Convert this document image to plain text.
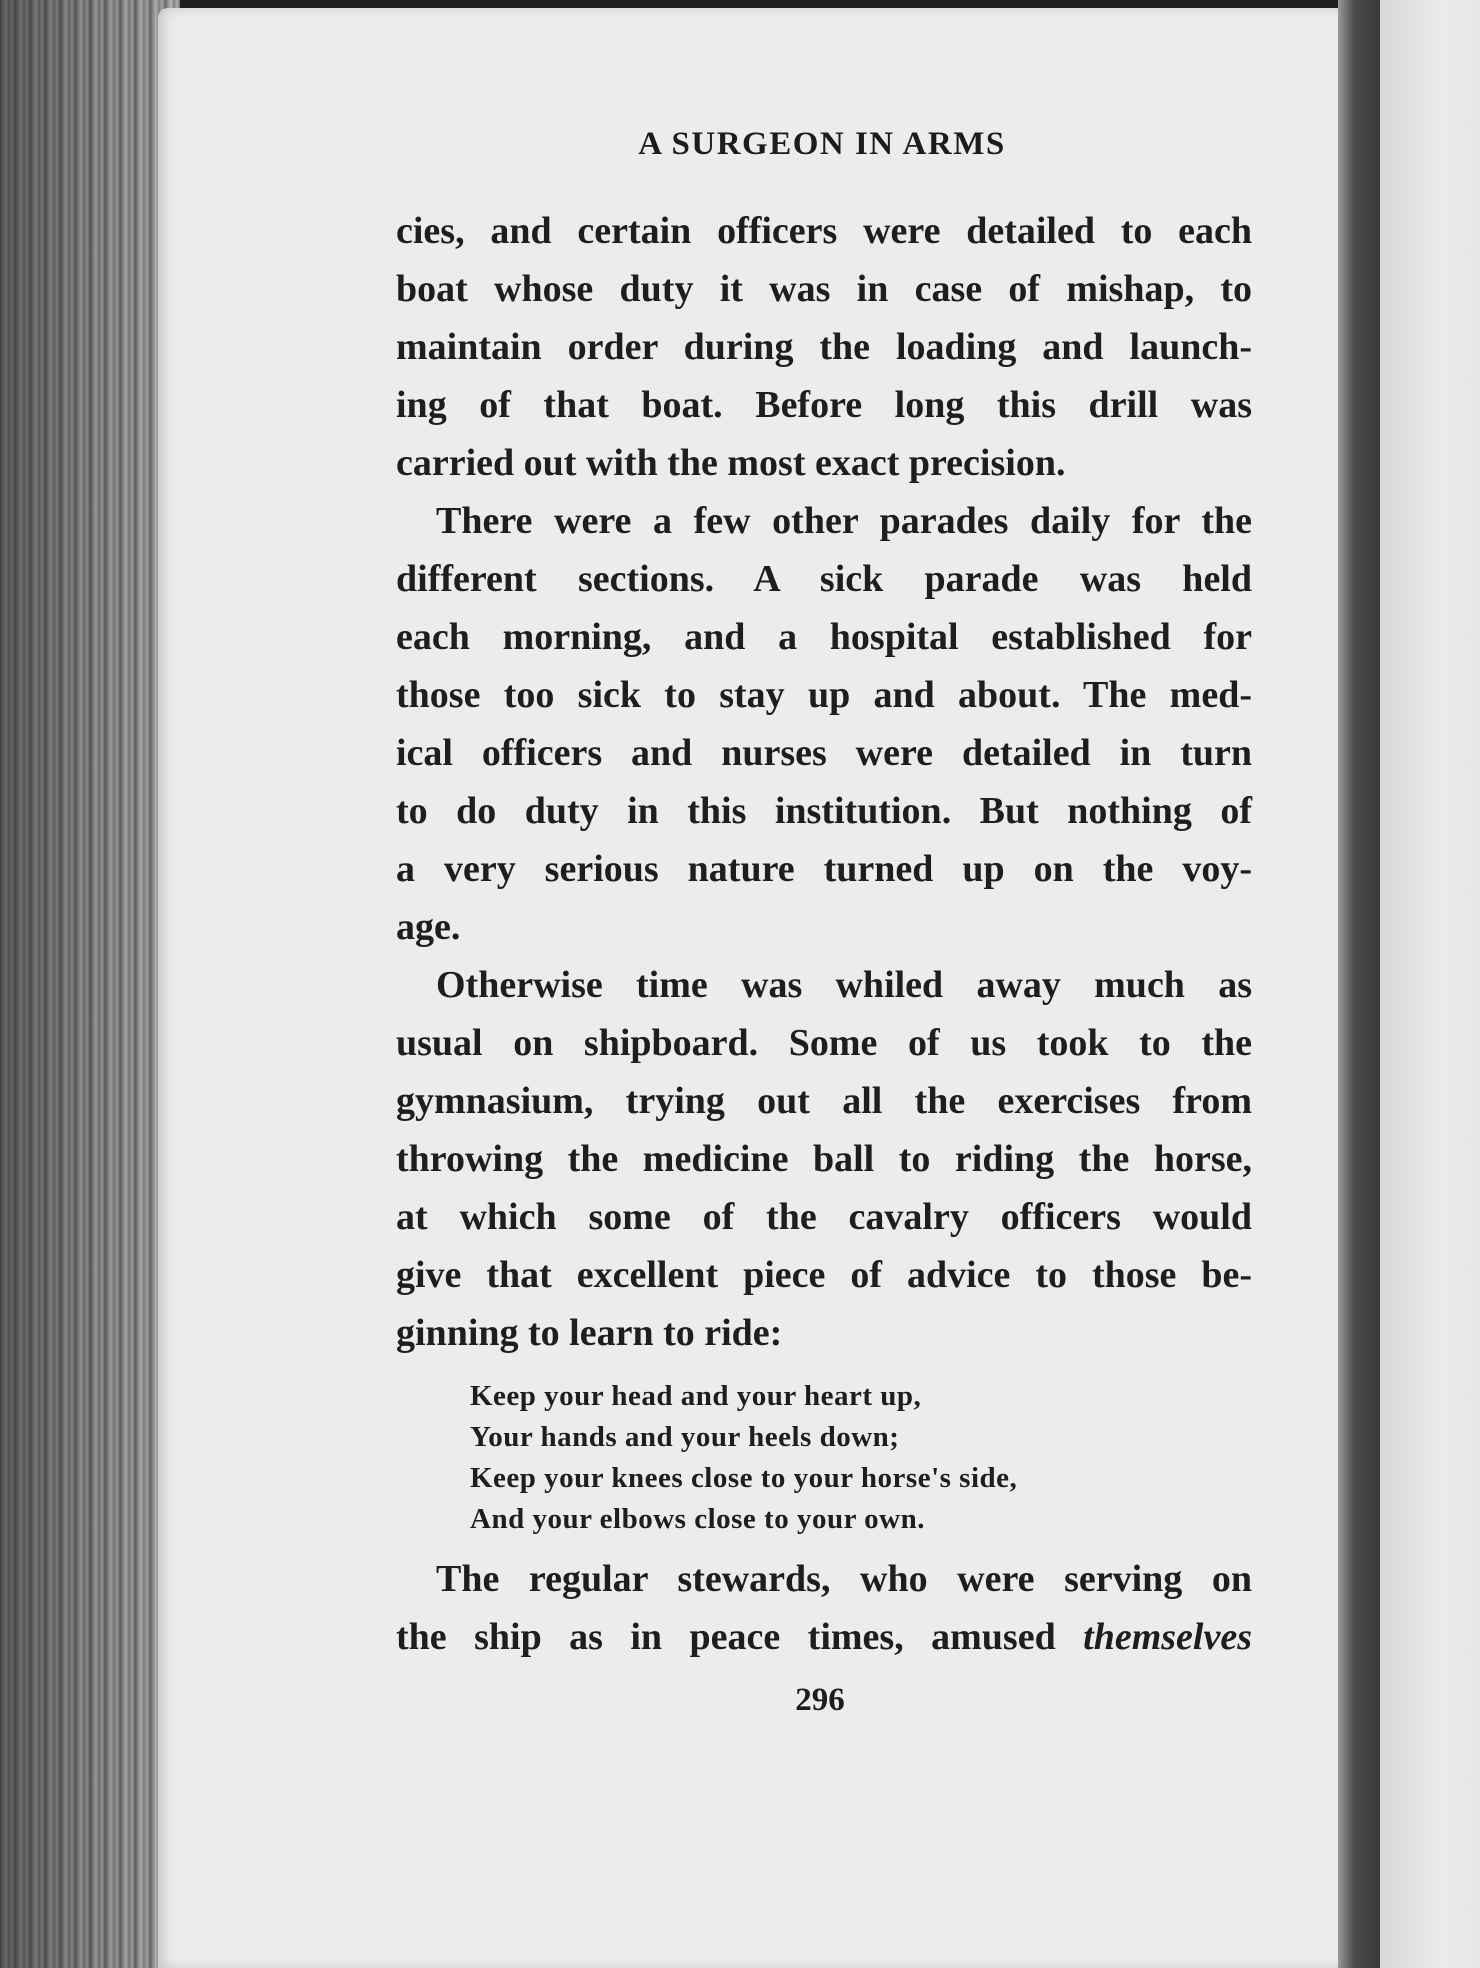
A SURGEON IN ARMS
cies, and certain officers were detailed to each
boat whose duty it was in case of mishap, to
maintain order during the loading and launch-
ing of that boat. Before long this drill was
carried out with the most exact precision.
There were a few other parades daily for the
different sections. A sick parade was held
each morning, and a hospital established for
those too sick to stay up and about. The med-
ical officers and nurses were detailed in turn
to do duty in this institution. But nothing of
a very serious nature turned up on the voy-
age.
Otherwise time was whiled away much as
usual on shipboard. Some of us took to the
gymnasium, trying out all the exercises from
throwing the medicine ball to riding the horse,
at which some of the cavalry officers would
give that excellent piece of advice to those be-
ginning to learn to ride:
Keep your head and your heart up,
Your hands and your heels down;
Keep your knees close to your horse's side,
And your elbows close to your own.
The regular stewards, who were serving on
the ship as in peace times, amused themselves
296
